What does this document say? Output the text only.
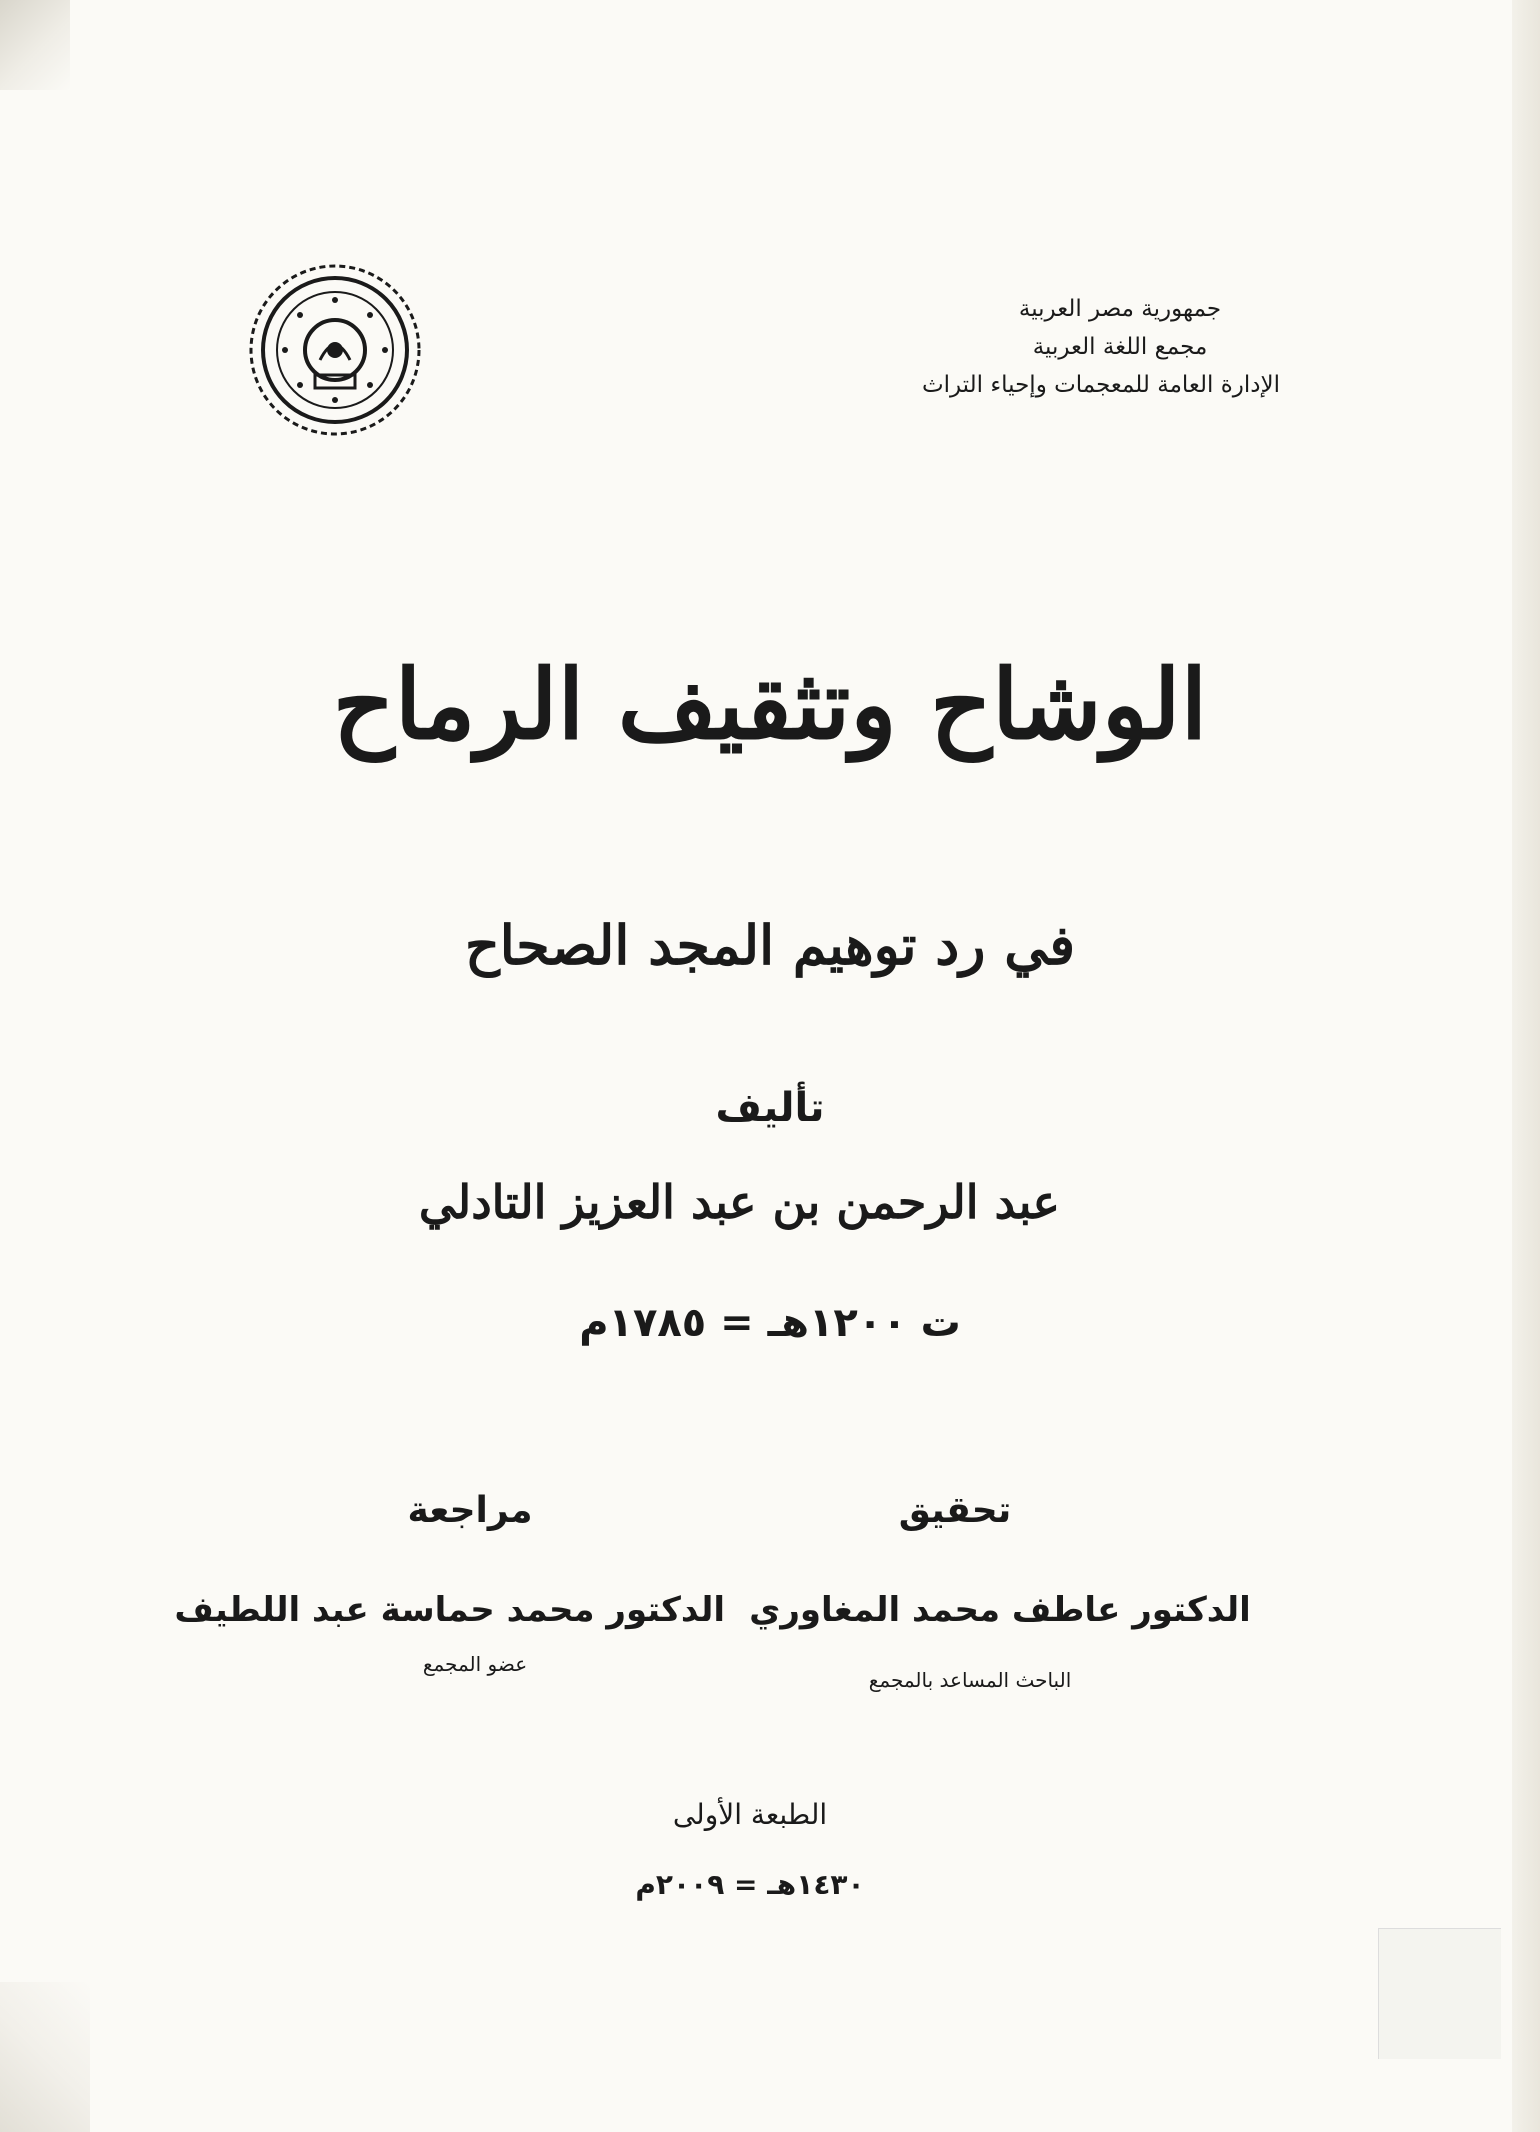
جمهورية مصر العربية
مجمع اللغة العربية
الإدارة العامة للمعجمات وإحياء التراث
الوشاح وتثقيف الرماح
في رد توهيم المجد الصحاح
تأليف
عبد الرحمن بن عبد العزيز التادلي
ت ١٢٠٠هـ = ١٧٨٥م
تحقيق
الدكتور عاطف محمد المغاوري
الباحث المساعد بالمجمع
مراجعة
الدكتور محمد حماسة عبد اللطيف
عضو المجمع
الطبعة الأولى
١٤٣٠هـ = ٢٠٠٩م
